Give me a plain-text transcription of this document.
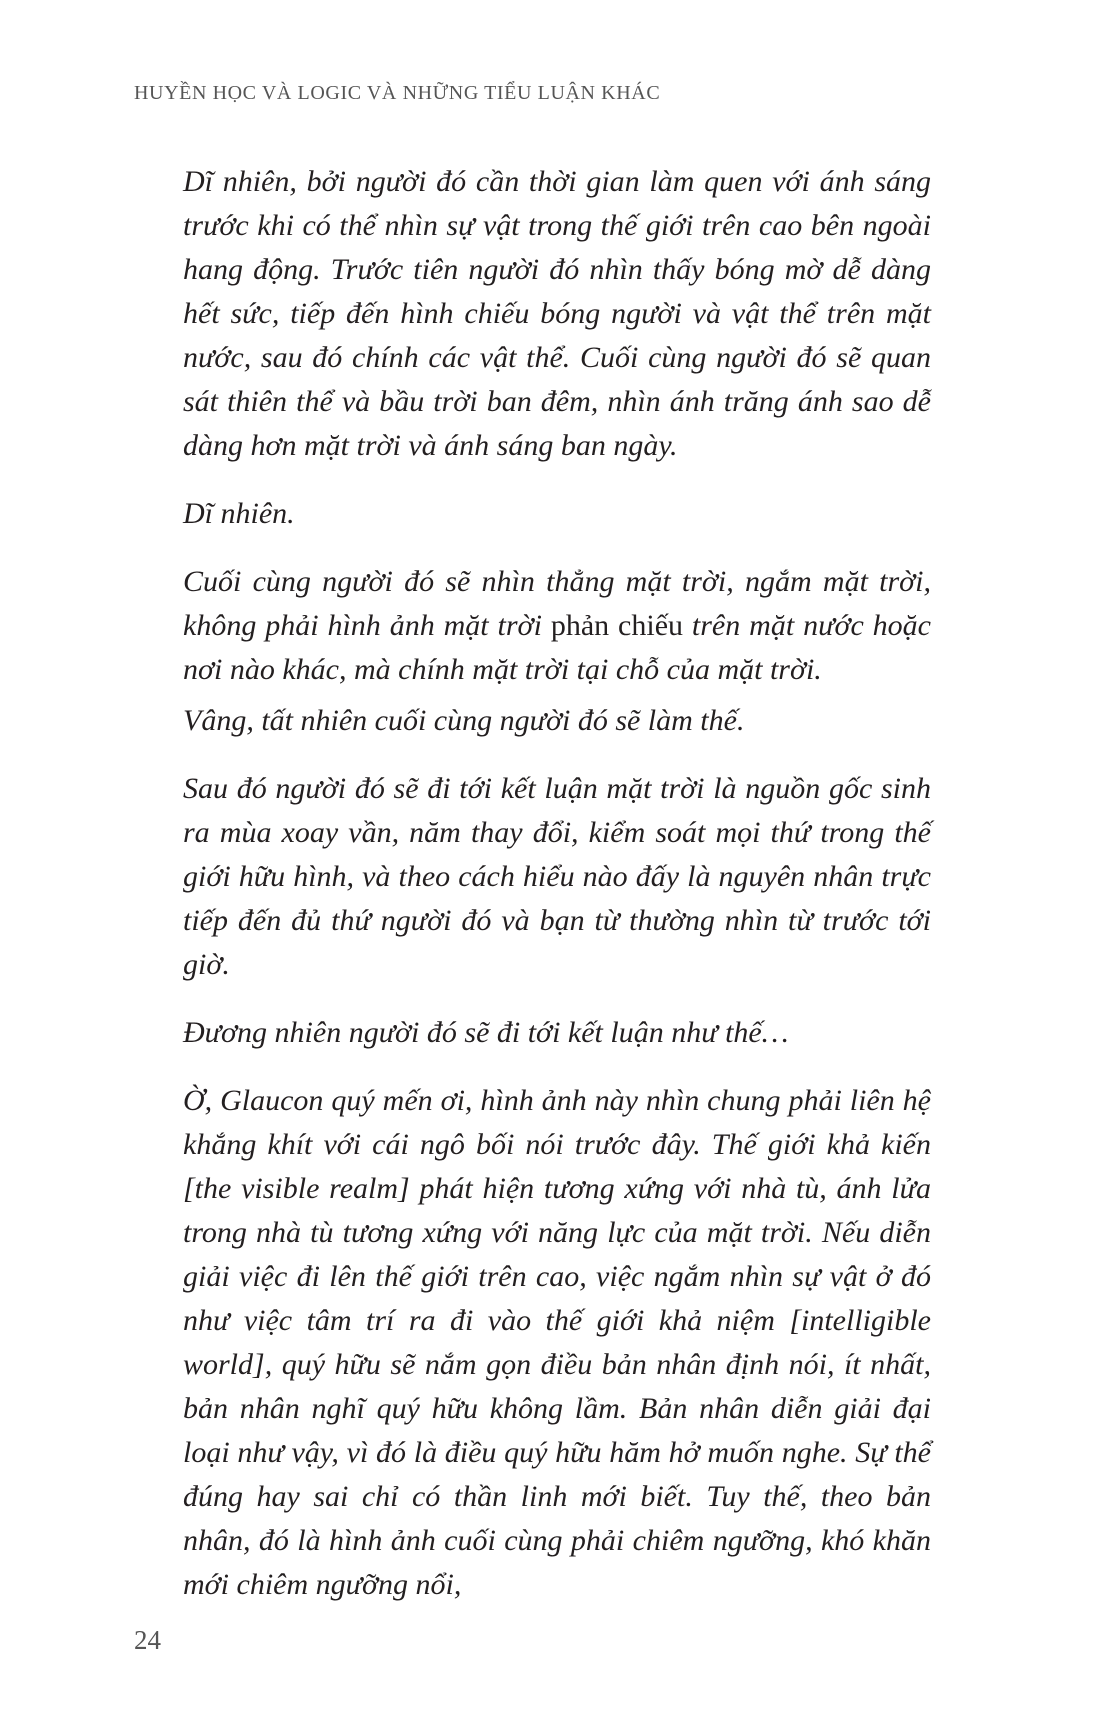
HUYỀN HỌC VÀ LOGIC VÀ NHỮNG TIỂU LUẬN KHÁC

Dĩ nhiên, bởi người đó cần thời gian làm quen với ánh sáng trước khi có thể nhìn sự vật trong thế giới trên cao bên ngoài hang động. Trước tiên người đó nhìn thấy bóng mờ dễ dàng hết sức, tiếp đến hình chiếu bóng người và vật thể trên mặt nước, sau đó chính các vật thể. Cuối cùng người đó sẽ quan sát thiên thể và bầu trời ban đêm, nhìn ánh trăng ánh sao dễ dàng hơn mặt trời và ánh sáng ban ngày.

Dĩ nhiên.

Cuối cùng người đó sẽ nhìn thẳng mặt trời, ngắm mặt trời, không phải hình ảnh mặt trời phản chiếu trên mặt nước hoặc nơi nào khác, mà chính mặt trời tại chỗ của mặt trời.

Vâng, tất nhiên cuối cùng người đó sẽ làm thế.

Sau đó người đó sẽ đi tới kết luận mặt trời là nguồn gốc sinh ra mùa xoay vần, năm thay đổi, kiểm soát mọi thứ trong thế giới hữu hình, và theo cách hiểu nào đấy là nguyên nhân trực tiếp đến đủ thứ người đó và bạn từ thường nhìn từ trước tới giờ.

Đương nhiên người đó sẽ đi tới kết luận như thế…

Ờ, Glaucon quý mến ơi, hình ảnh này nhìn chung phải liên hệ khắng khít với cái ngô bối nói trước đây. Thế giới khả kiến [the visible realm] phát hiện tương xứng với nhà tù, ánh lửa trong nhà tù tương xứng với năng lực của mặt trời. Nếu diễn giải việc đi lên thế giới trên cao, việc ngắm nhìn sự vật ở đó như việc tâm trí ra đi vào thế giới khả niệm [intelligible world], quý hữu sẽ nắm gọn điều bản nhân định nói, ít nhất, bản nhân nghĩ quý hữu không lầm. Bản nhân diễn giải đại loại như vậy, vì đó là điều quý hữu hăm hở muốn nghe. Sự thể đúng hay sai chỉ có thần linh mới biết. Tuy thế, theo bản nhân, đó là hình ảnh cuối cùng phải chiêm ngưỡng, khó khăn mới chiêm ngưỡng nổi,

24
